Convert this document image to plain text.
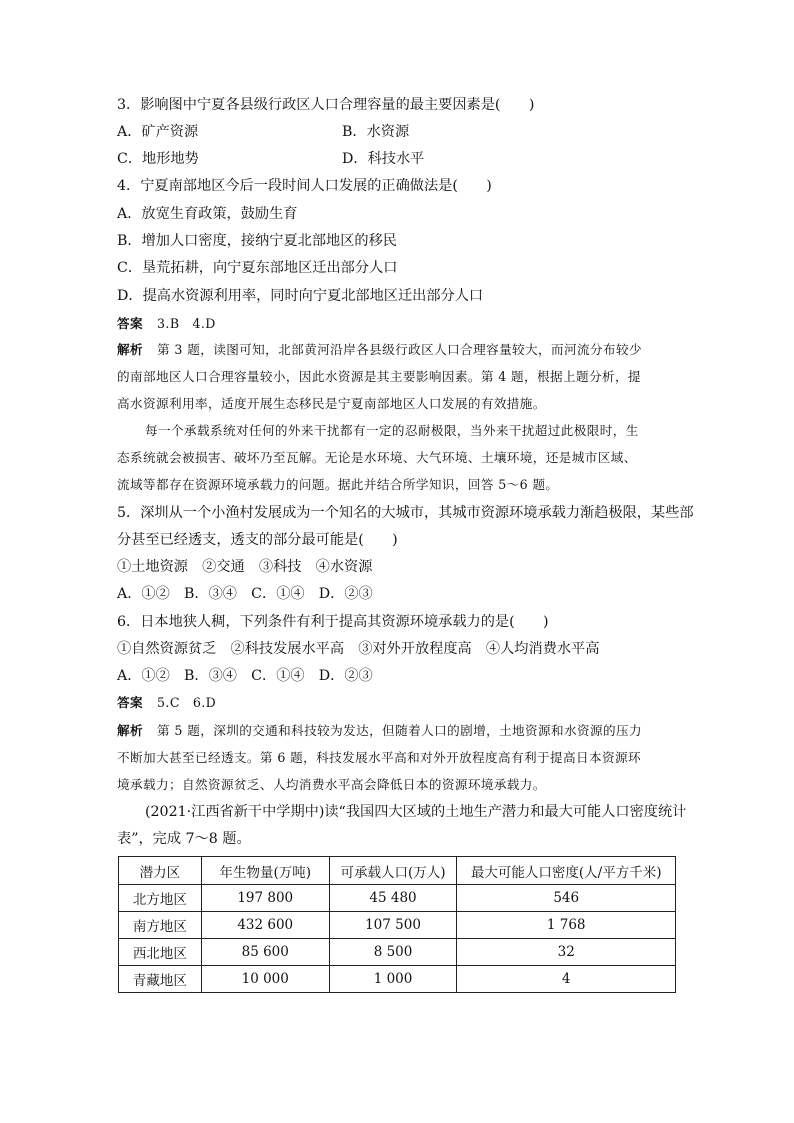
3．影响图中宁夏各县级行政区人口合理容量的最主要因素是(　　)
A．矿产资源	B．水资源
C．地形地势	D．科技水平
4．宁夏南部地区今后一段时间人口发展的正确做法是(　　)
A．放宽生育政策，鼓励生育
B．增加人口密度，接纳宁夏北部地区的移民
C．垦荒拓耕，向宁夏东部地区迁出部分人口
D．提高水资源利用率，同时向宁夏北部地区迁出部分人口
答案 3.B　4.D
解析 第 3 题，读图可知，北部黄河沿岸各县级行政区人口合理容量较大，而河流分布较少
的南部地区人口合理容量较小，因此水资源是其主要影响因素。第 4 题，根据上题分析，提
高水资源利用率，适度开展生态移民是宁夏南部地区人口发展的有效措施。
每一个承载系统对任何的外来干扰都有一定的忍耐极限，当外来干扰超过此极限时，生
态系统就会被损害、破坏乃至瓦解。无论是水环境、大气环境、土壤环境，还是城市区域、
流域等都存在资源环境承载力的问题。据此并结合所学知识，回答 5～6 题。
5．深圳从一个小渔村发展成为一个知名的大城市，其城市资源环境承载力渐趋极限，某些部
分甚至已经透支，透支的部分最可能是(　　)
①土地资源　②交通　③科技　④水资源
A．①②　B．③④　C．①④　D．②③
6．日本地狭人稠，下列条件有利于提高其资源环境承载力的是(　　)
①自然资源贫乏　②科技发展水平高　③对外开放程度高　④人均消费水平高
A．①②　B．③④　C．①④　D．②③
答案 5.C　6.D
解析 第 5 题，深圳的交通和科技较为发达，但随着人口的剧增，土地资源和水资源的压力
不断加大甚至已经透支。第 6 题，科技发展水平高和对外开放程度高有利于提高日本资源环
境承载力；自然资源贫乏、人均消费水平高会降低日本的资源环境承载力。
(2021·江西省新干中学期中)读“我国四大区域的土地生产潜力和最大可能人口密度统计
表”，完成 7～8 题。
潜力区	年生物量(万吨)	可承载人口(万人)	最大可能人口密度(人/平方千米)
北方地区	197 800	45 480	546
南方地区	432 600	107 500	1 768
西北地区	85 600	8 500	32
青藏地区	10 000	1 000	4
